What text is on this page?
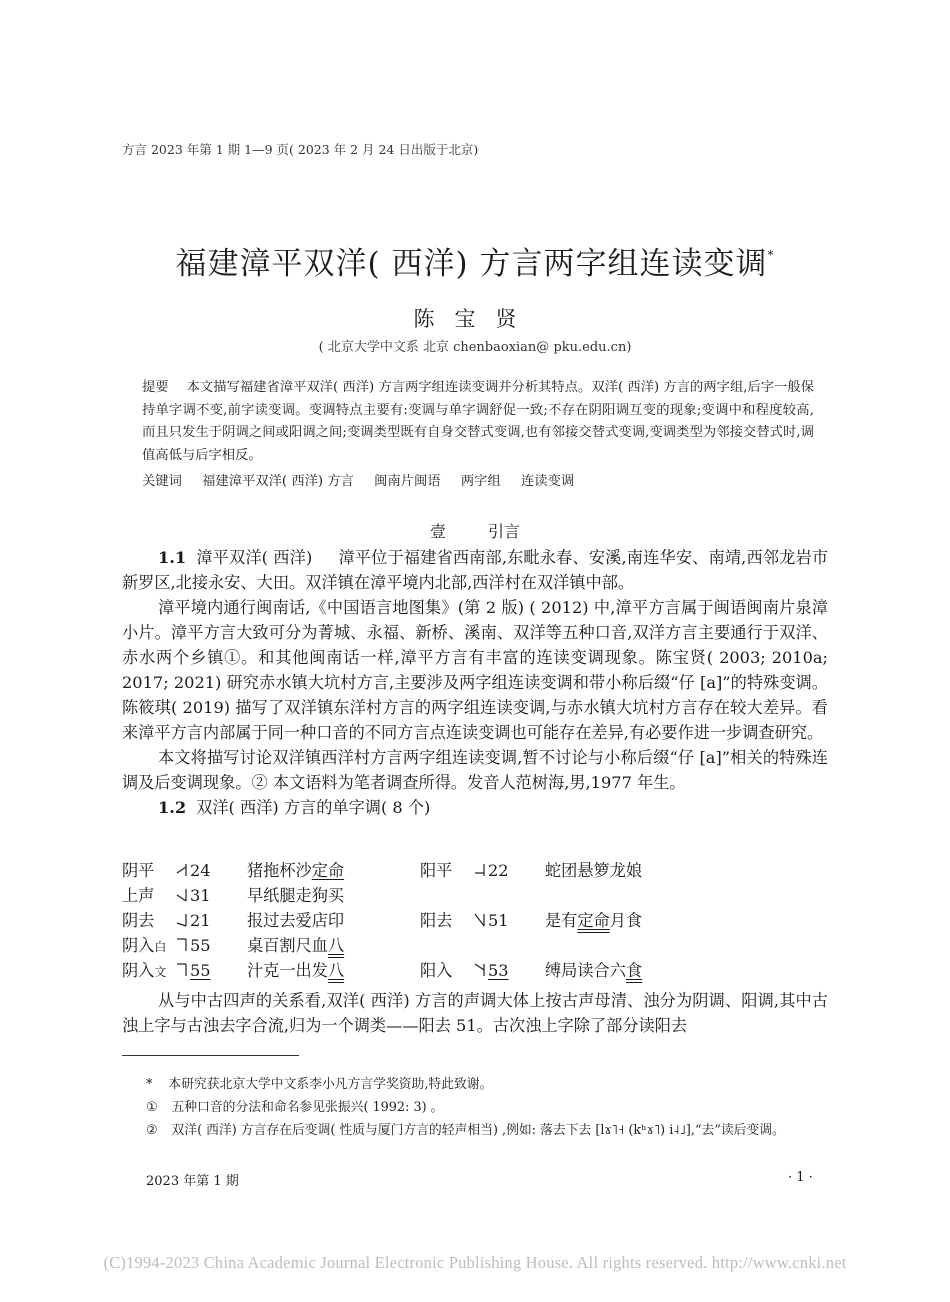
方言 2023 年第 1 期 1—9 页( 2023 年 2 月 24 日出版于北京)
福建漳平双洋( 西洋) 方言两字组连读变调*
陈宝贤
( 北京大学中文系 北京 chenbaoxian@ pku.edu.cn)
提要 本文描写福建省漳平双洋( 西洋) 方言两字组连读变调并分析其特点。双洋( 西洋) 方言的两字组,后字一般保持单字调不变,前字读变调。变调特点主要有:变调与单字调舒促一致;不存在阴阳调互变的现象;变调中和程度较高,而且只发生于阴调之间或阳调之间;变调类型既有自身交替式变调,也有邻接交替式变调,变调类型为邻接交替式时,调值高低与后字相反。
关键词 福建漳平双洋( 西洋) 方言 闽南片闽语 两字组 连读变调
壹	引言
1.1 漳平双洋( 西洋) 漳平位于福建省西南部,东毗永春、安溪,南连华安、南靖,西邻龙岩市新罗区,北接永安、大田。双洋镇在漳平境内北部,西洋村在双洋镇中部。
漳平境内通行闽南话,《中国语言地图集》(第 2 版) ( 2012) 中,漳平方言属于闽语闽南片泉漳小片。漳平方言大致可分为菁城、永福、新桥、溪南、双洋等五种口音,双洋方言主要通行于双洋、赤水两个乡镇①。和其他闽南话一样,漳平方言有丰富的连读变调现象。陈宝贤( 2003; 2010a; 2017; 2021) 研究赤水镇大坑村方言,主要涉及两字组连读变调和带小称后缀“仔 [a]”的特殊变调。陈筱琪( 2019) 描写了双洋镇东洋村方言的两字组连读变调,与赤水镇大坑村方言存在较大差异。看来漳平方言内部属于同一种口音的不同方言点连读变调也可能存在差异,有必要作进一步调查研究。
本文将描写讨论双洋镇西洋村方言两字组连读变调,暂不讨论与小称后缀“仔 [a]”相关的特殊连调及后变调现象。② 本文语料为笔者调查所得。发音人范树海,男,1977 年生。
1.2 双洋( 西洋) 方言的单字调( 8 个)
阴平	24 猪拖杯沙定命	阳平	22 蛇团悬箩龙娘
上声	31 早纸腿走狗买
阴去	21 报过去爱店印	阳去	51 是有定命月食
阴入白	55 桌百割尺血八
阴入文	55 汁克一出发八	阳入	53 缚局读合六食
从与中古四声的关系看,双洋( 西洋) 方言的声调大体上按古声母清、浊分为阴调、阳调,其中古浊上字与古浊去字合流,归为一个调类——阳去 51。古次浊上字除了部分读阳去
* 本研究获北京大学中文系李小凡方言学奖资助,特此致谢。
① 五种口音的分法和命名参见张振兴( 1992: 3) 。
② 双洋( 西洋) 方言存在后变调( 性质与厦门方言的轻声相当) ,例如: 落去下去 [lɤ˥˧ (kʰɤ˥) i˨˩],“去”读后变调。
2023 年第 1 期	· 1 ·
(C)1994-2023 China Academic Journal Electronic Publishing House. All rights reserved. http://www.cnki.net
